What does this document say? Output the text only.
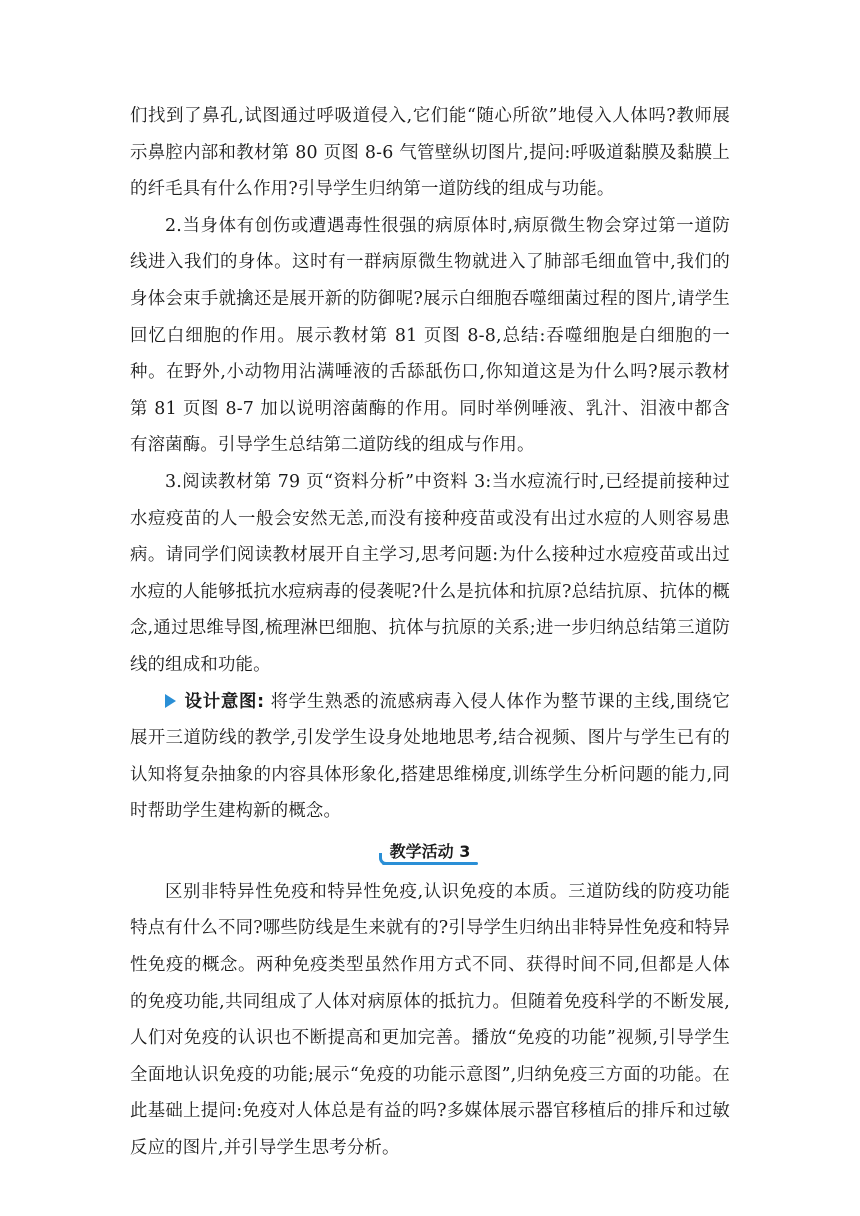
们找到了鼻孔,试图通过呼吸道侵入,它们能“随心所欲”地侵入人体吗?教师展示鼻腔内部和教材第 80 页图 8-6 气管壁纵切图片,提问:呼吸道黏膜及黏膜上的纤毛具有什么作用?引导学生归纳第一道防线的组成与功能。

2.当身体有创伤或遭遇毒性很强的病原体时,病原微生物会穿过第一道防线进入我们的身体。这时有一群病原微生物就进入了肺部毛细血管中,我们的身体会束手就擒还是展开新的防御呢?展示白细胞吞噬细菌过程的图片,请学生回忆白细胞的作用。展示教材第 81 页图 8-8,总结:吞噬细胞是白细胞的一种。在野外,小动物用沾满唾液的舌舔舐伤口,你知道这是为什么吗?展示教材第 81 页图 8-7 加以说明溶菌酶的作用。同时举例唾液、乳汁、泪液中都含有溶菌酶。引导学生总结第二道防线的组成与作用。

3.阅读教材第 79 页“资料分析”中资料 3:当水痘流行时,已经提前接种过水痘疫苗的人一般会安然无恙,而没有接种疫苗或没有出过水痘的人则容易患病。请同学们阅读教材展开自主学习,思考问题:为什么接种过水痘疫苗或出过水痘的人能够抵抗水痘病毒的侵袭呢?什么是抗体和抗原?总结抗原、抗体的概念,通过思维导图,梳理淋巴细胞、抗体与抗原的关系;进一步归纳总结第三道防线的组成和功能。

设计意图: 将学生熟悉的流感病毒入侵人体作为整节课的主线,围绕它展开三道防线的教学,引发学生设身处地地思考,结合视频、图片与学生已有的认知将复杂抽象的内容具体形象化,搭建思维梯度,训练学生分析问题的能力,同时帮助学生建构新的概念。

教学活动 3

区别非特异性免疫和特异性免疫,认识免疫的本质。三道防线的防疫功能特点有什么不同?哪些防线是生来就有的?引导学生归纳出非特异性免疫和特异性免疫的概念。两种免疫类型虽然作用方式不同、获得时间不同,但都是人体的免疫功能,共同组成了人体对病原体的抵抗力。但随着免疫科学的不断发展,人们对免疫的认识也不断提高和更加完善。播放“免疫的功能”视频,引导学生全面地认识免疫的功能;展示“免疫的功能示意图”,归纳免疫三方面的功能。在此基础上提问:免疫对人体总是有益的吗?多媒体展示器官移植后的排斥和过敏反应的图片,并引导学生思考分析。
